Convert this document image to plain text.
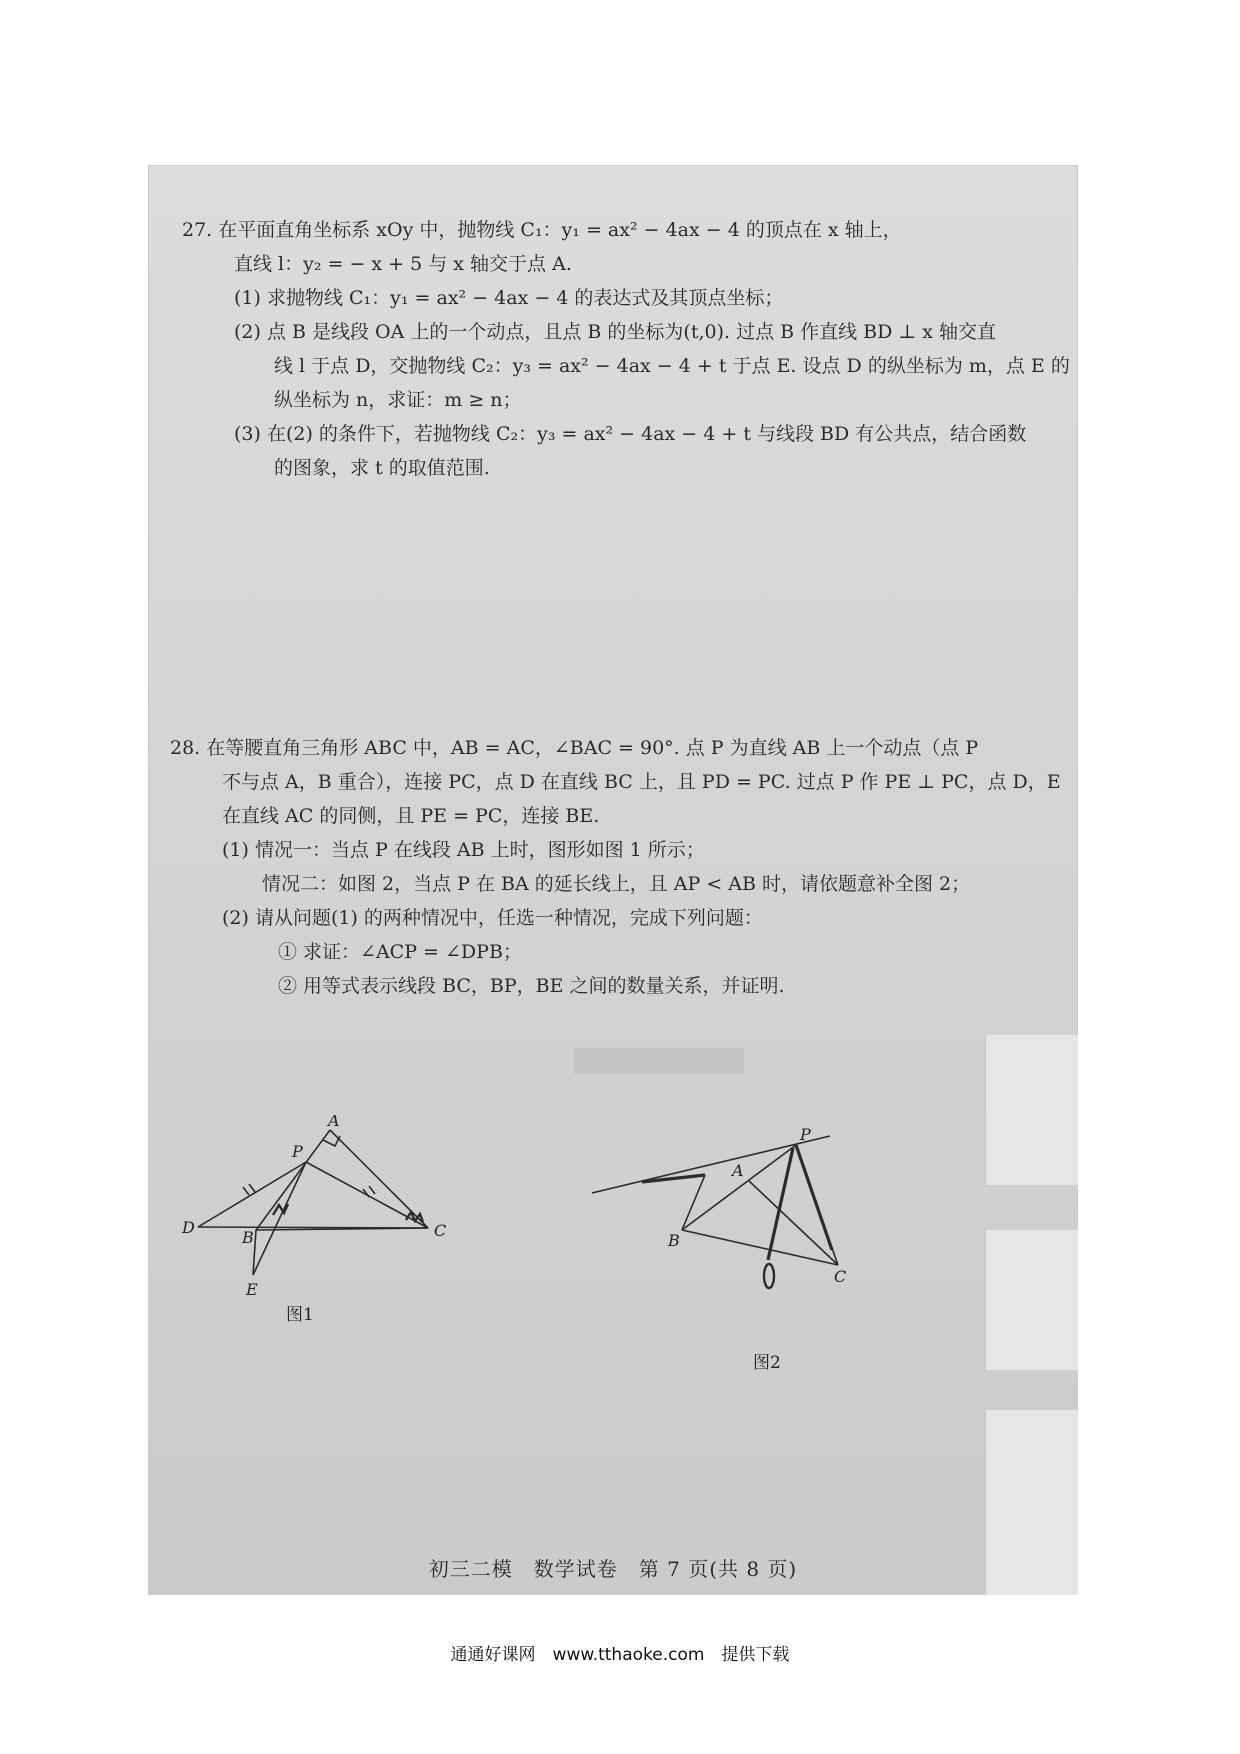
27. 在平面直角坐标系 xOy 中，抛物线 C₁：y₁ = ax² − 4ax − 4 的顶点在 x 轴上，

直线 l：y₂ = − x + 5 与 x 轴交于点 A.

(1) 求抛物线 C₁：y₁ = ax² − 4ax − 4 的表达式及其顶点坐标；

(2) 点 B 是线段 OA 上的一个动点，且点 B 的坐标为(t,0). 过点 B 作直线 BD ⊥ x 轴交直

线 l 于点 D，交抛物线 C₂：y₃ = ax² − 4ax − 4 + t 于点 E. 设点 D 的纵坐标为 m，点 E 的

纵坐标为 n，求证：m ≥ n；

(3) 在(2) 的条件下，若抛物线 C₂：y₃ = ax² − 4ax − 4 + t 与线段 BD 有公共点，结合函数

的图象，求 t 的取值范围.

28. 在等腰直角三角形 ABC 中，AB = AC，∠BAC = 90°. 点 P 为直线 AB 上一个动点（点 P

不与点 A，B 重合），连接 PC，点 D 在直线 BC 上，且 PD = PC. 过点 P 作 PE ⊥ PC，点 D，E

在直线 AC 的同侧，且 PE = PC，连接 BE.

(1) 情况一：当点 P 在线段 AB 上时，图形如图 1 所示；

情况二：如图 2，当点 P 在 BA 的延长线上，且 AP < AB 时，请依题意补全图 2；

(2) 请从问题(1) 的两种情况中，任选一种情况，完成下列问题：

① 求证：∠ACP = ∠DPB；

② 用等式表示线段 BC，BP，BE 之间的数量关系，并证明.

A
P
D
B	C
E
图1
P
A
B
C
图2
初三二模　数学试卷　第 7 页(共 8 页)
通通好课网　www.tthaoke.com　提供下载
